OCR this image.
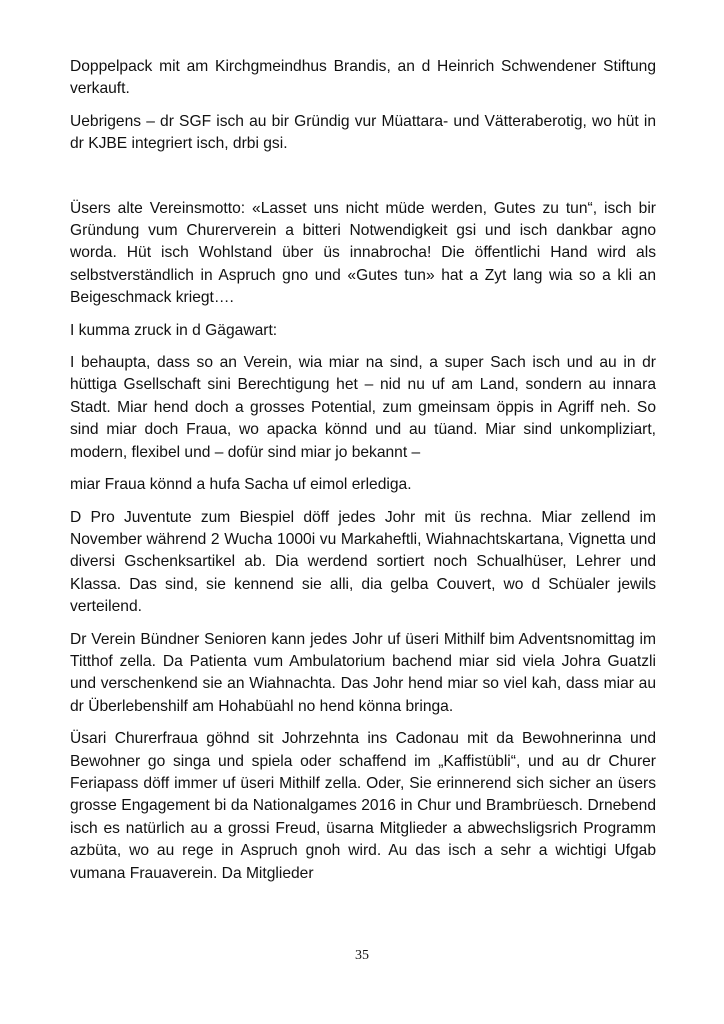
Doppelpack mit am Kirchgmeindhus Brandis, an d Heinrich Schwendener Stiftung verkauft.

Uebrigens – dr SGF isch au bir Gründig vur Müattara- und Vätteraberotig, wo hüt in dr KJBE integriert isch, drbi gsi.

Üsers alte Vereinsmotto: «Lasset uns nicht müde werden, Gutes zu tun“, isch bir Gründung vum Churerverein a bitteri Notwendigkeit gsi und isch dankbar agno worda. Hüt isch Wohlstand über üs innabrocha! Die öffentlichi Hand wird als selbstverständlich in Aspruch gno und «Gutes tun» hat a Zyt lang wia so a kli an Beigeschmack kriegt….

I kumma zruck in d Gägawart:

I behaupta, dass so an Verein, wia miar na sind, a super Sach isch und au in dr hüttiga Gsellschaft sini Berechtigung het – nid nu uf am Land, sondern au innara Stadt. Miar hend doch a grosses Potential, zum gmeinsam öppis in Agriff neh. So sind miar doch Fraua, wo apacka könnd und au tüand. Miar sind unkompliziart, modern, flexibel und – dofür sind miar jo bekannt –

miar Fraua könnd a hufa Sacha uf eimol erlediga.

D Pro Juventute zum Biespiel döff jedes Johr mit üs rechna. Miar zellend im November während 2 Wucha 1000i vu Markaheftli, Wiahnachtskartana, Vignetta und diversi Gschenksartikel ab. Dia werdend sortiert noch Schualhüser, Lehrer und Klassa. Das sind, sie kennend sie alli, dia gelba Couvert, wo d Schüaler jewils verteilend.

Dr Verein Bündner Senioren kann jedes Johr uf üseri Mithilf bim Adventsnomittag im Titthof zella. Da Patienta vum Ambulatorium bachend miar sid viela Johra Guatzli und verschenkend sie an Wiahnachta. Das Johr hend miar so viel kah, dass miar au dr Überlebenshilf am Hohabüahl no hend könna bringa.

Üsari Churerfraua göhnd sit Johrzehnta ins Cadonau mit da Bewohnerinna und Bewohner go singa und spiela oder schaffend im „Kaffistübli“, und au dr Churer Feriapass döff immer uf üseri Mithilf zella. Oder, Sie erinnerend sich sicher an üsers grosse Engagement bi da Nationalgames 2016 in Chur und Brambrüesch. Drnebend isch es natürlich au a grossi Freud, üsarna Mitglieder a abwechsligsrich Programm azbüta, wo au rege in Aspruch gnoh wird. Au das isch a sehr a wichtigi Ufgab vumana Frauaverein. Da Mitglieder

35
